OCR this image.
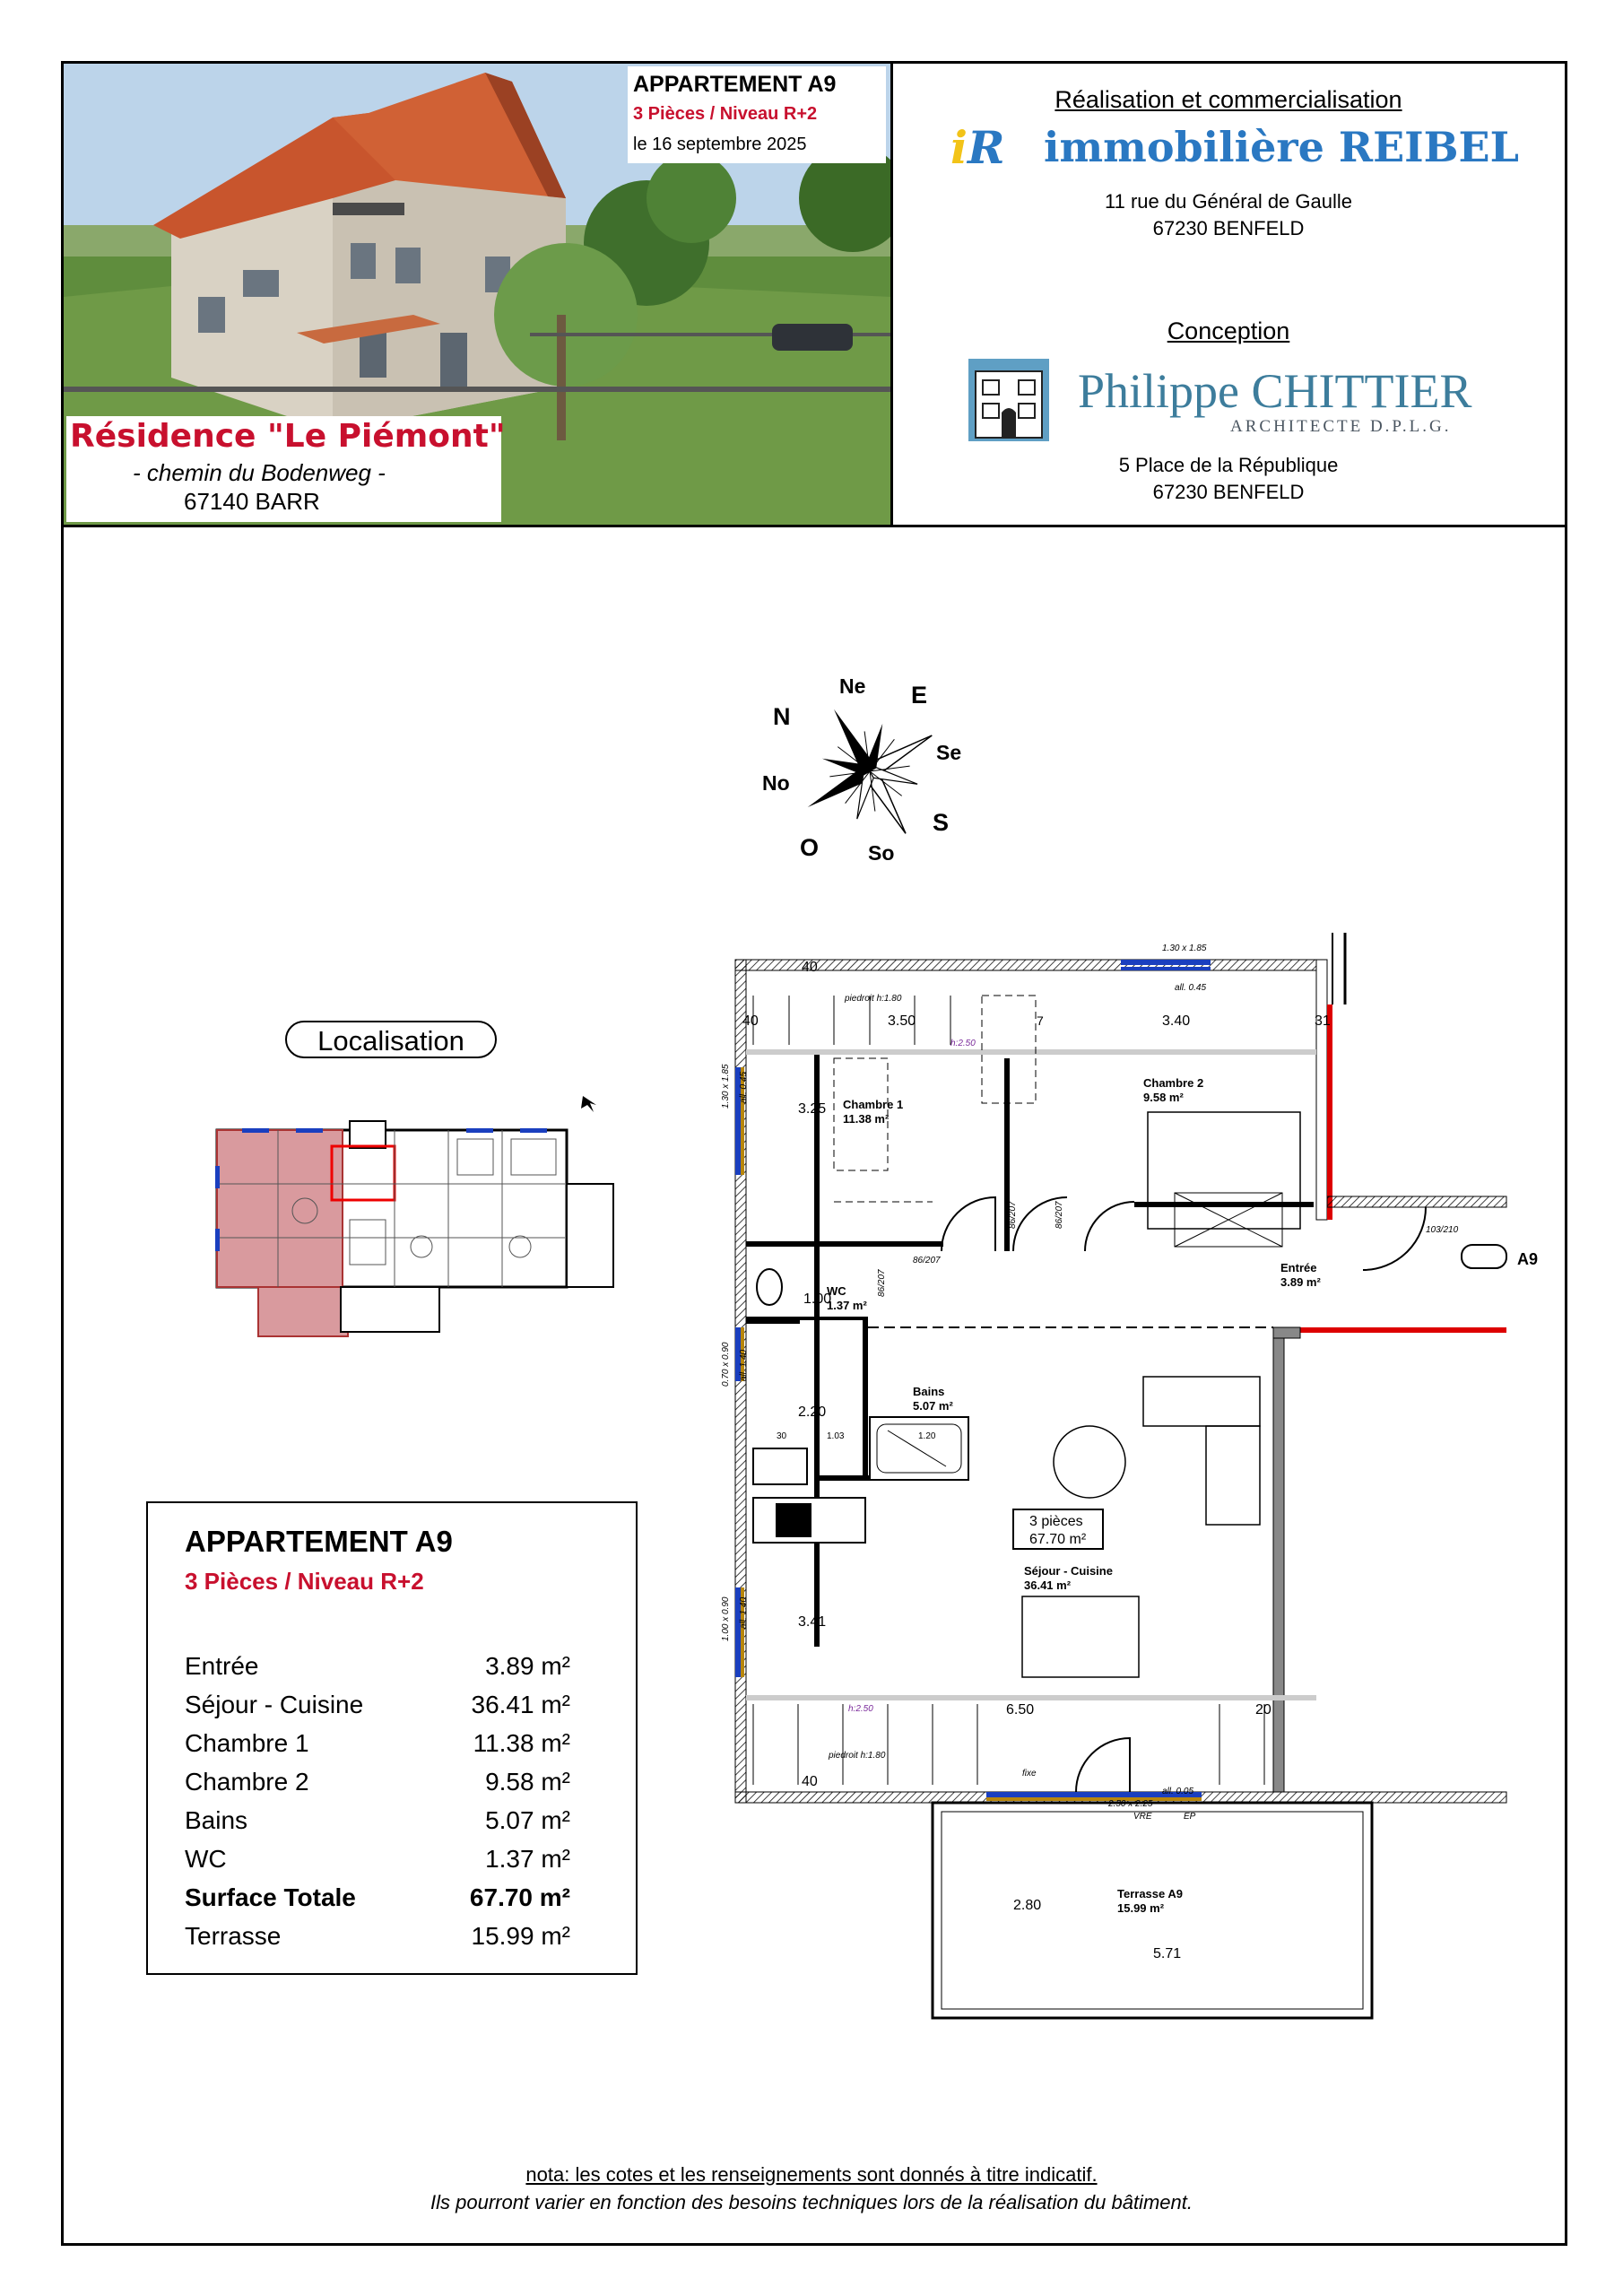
APPARTEMENT A9
3 Pièces / Niveau R+2
le 16 septembre 2025
Résidence "Le Piémont"
- chemin du Bodenweg -
67140 BARR
Réalisation et commercialisation
iR immobilière REIBEL
11 rue du Général de Gaulle
67230 BENFELD
Conception
Philippe CHITTIER
ARCHITECTE D.P.L.G.
5 Place de la République
67230 BENFELD
N
Ne E
Se
S
So
O
No
Localisation
APPARTEMENT A9
3 Pièces / Niveau R+2
Entrée	3.89 m²
Séjour - Cuisine	36.41 m²
Chambre 1	11.38 m²
Chambre 2	9.58 m²
Bains	5.07 m²
WC	1.37 m²
Surface Totale	67.70 m²
Terrasse	15.99 m²
Chambre 1
11.38 m²
Chambre 2
9.58 m²
WC
1.37 m²
Bains
5.07 m²
Entrée
3.89 m²
Séjour - Cuisine
36.41 m²
Terrasse A9
15.99 m²
3 pièces
67.70 m²
A9
3.50	3.40
3.25
2.20
3.41
6.50
2.80
5.71
1.00
40
40
40
31
20
30
7
1.03	1.20
1.30 x 1.85
all. 0.45
piedroit h:1.80
piedroit h:1.80
h:2.50
h:2.50
1.30 x 1.85 all. 0.45
0.70 x 0.90 all. 1.40
1.00 x 0.90 all. 1.40
86/207	86/207
86/207
86/207
103/210
fixe
2.50 x 2.25
all. 0.05
VRE	EP
nota: les cotes et les renseignements sont donnés à titre indicatif.
Ils pourront varier en fonction des besoins techniques lors de la réalisation du bâtiment.
